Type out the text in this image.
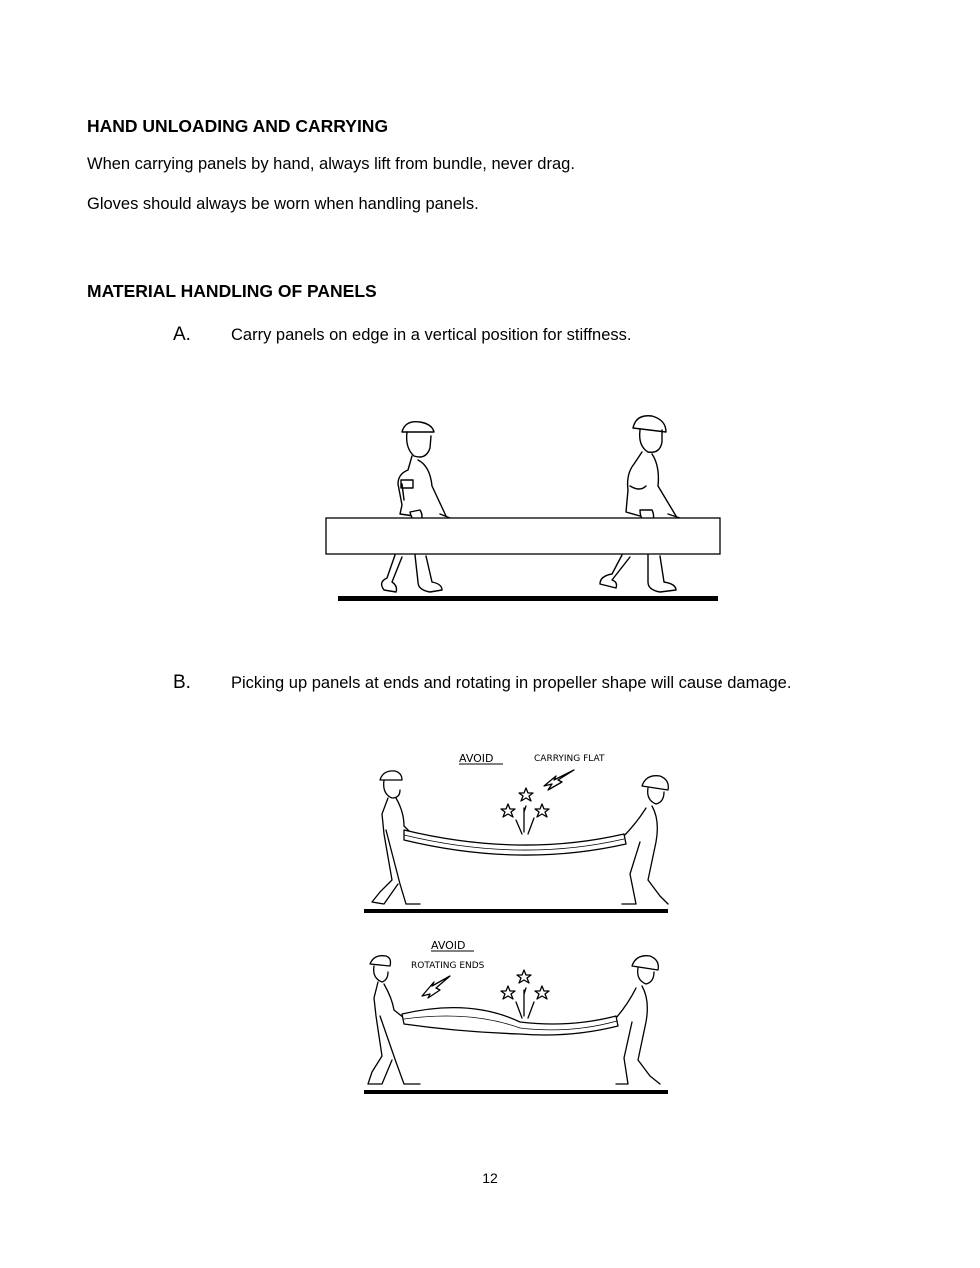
HAND UNLOADING AND CARRYING
When carrying panels by hand, always lift from bundle, never drag.
Gloves should always be worn when handling panels.
MATERIAL HANDLING OF PANELS
A. Carry panels on edge in a vertical position for stiffness.
B. Picking up panels at ends and rotating in propeller shape will cause damage.
AVOID	CARRYING FLAT
AVOID
ROTATING ENDS
12
